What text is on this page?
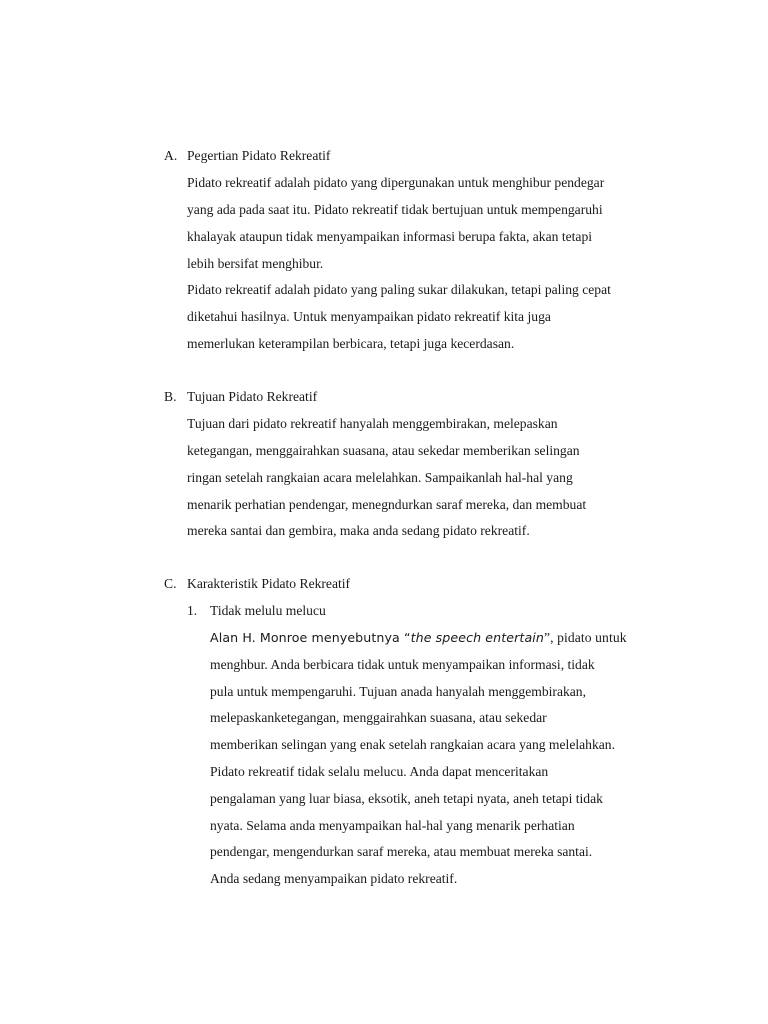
A. Pegertian Pidato Rekreatif
Pidato rekreatif adalah pidato yang dipergunakan untuk menghibur pendegar
yang ada pada saat itu. Pidato rekreatif tidak bertujuan untuk mempengaruhi
khalayak ataupun tidak menyampaikan informasi berupa fakta, akan tetapi
lebih bersifat menghibur.
Pidato rekreatif adalah pidato yang paling sukar dilakukan, tetapi paling cepat
diketahui hasilnya. Untuk menyampaikan pidato rekreatif kita juga
memerlukan keterampilan berbicara, tetapi juga kecerdasan.
B. Tujuan Pidato Rekreatif
Tujuan dari pidato rekreatif hanyalah menggembirakan, melepaskan
ketegangan, menggairahkan suasana, atau sekedar memberikan selingan
ringan setelah rangkaian acara melelahkan. Sampaikanlah hal-hal yang
menarik perhatian pendengar, menegndurkan saraf mereka, dan membuat
mereka santai dan gembira, maka anda sedang pidato rekreatif.
C. Karakteristik Pidato Rekreatif
1. Tidak melulu melucu
Alan H. Monroe menyebutnya “the speech entertain”, pidato untuk
menghbur. Anda berbicara tidak untuk menyampaikan informasi, tidak
pula untuk mempengaruhi. Tujuan anada hanyalah menggembirakan,
melepaskanketegangan, menggairahkan suasana, atau sekedar
memberikan selingan yang enak setelah rangkaian acara yang melelahkan.
Pidato rekreatif tidak selalu melucu. Anda dapat menceritakan
pengalaman yang luar biasa, eksotik, aneh tetapi nyata, aneh tetapi tidak
nyata. Selama anda menyampaikan hal-hal yang menarik perhatian
pendengar, mengendurkan saraf mereka, atau membuat mereka santai.
Anda sedang menyampaikan pidato rekreatif.
